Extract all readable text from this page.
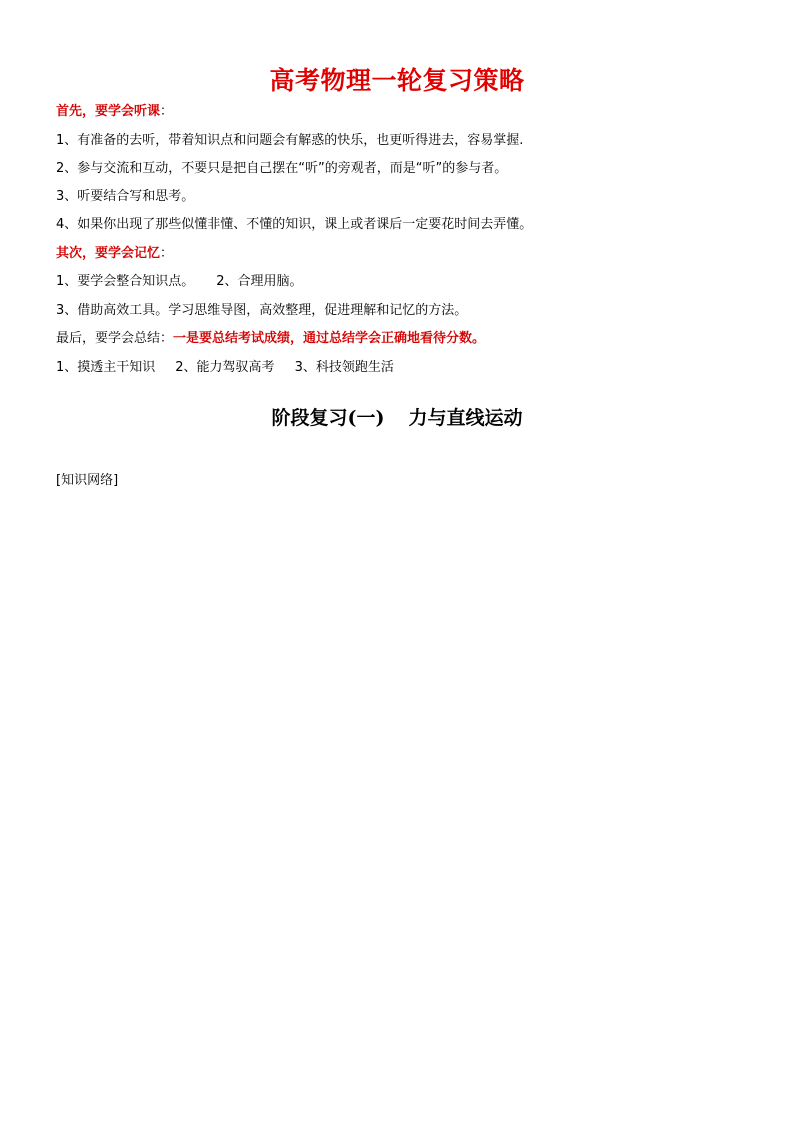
高考物理一轮复习策略
首先，要学会听课：
1、有准备的去听，带着知识点和问题会有解惑的快乐，也更听得进去，容易掌握.
2、参与交流和互动，不要只是把自己摆在“听”的旁观者，而是“听”的参与者。
3、听要结合写和思考。
4、如果你出现了那些似懂非懂、不懂的知识，课上或者课后一定要花时间去弄懂。
其次，要学会记忆：
1、要学会整合知识点。 2、合理用脑。
3、借助高效工具。学习思维导图，高效整理，促进理解和记忆的方法。
最后，要学会总结：一是要总结考试成绩，通过总结学会正确地看待分数。
1、摸透主干知识 2、能力驾驭高考 3、科技领跑生活
阶段复习(一) 力与直线运动
[知识网络]
